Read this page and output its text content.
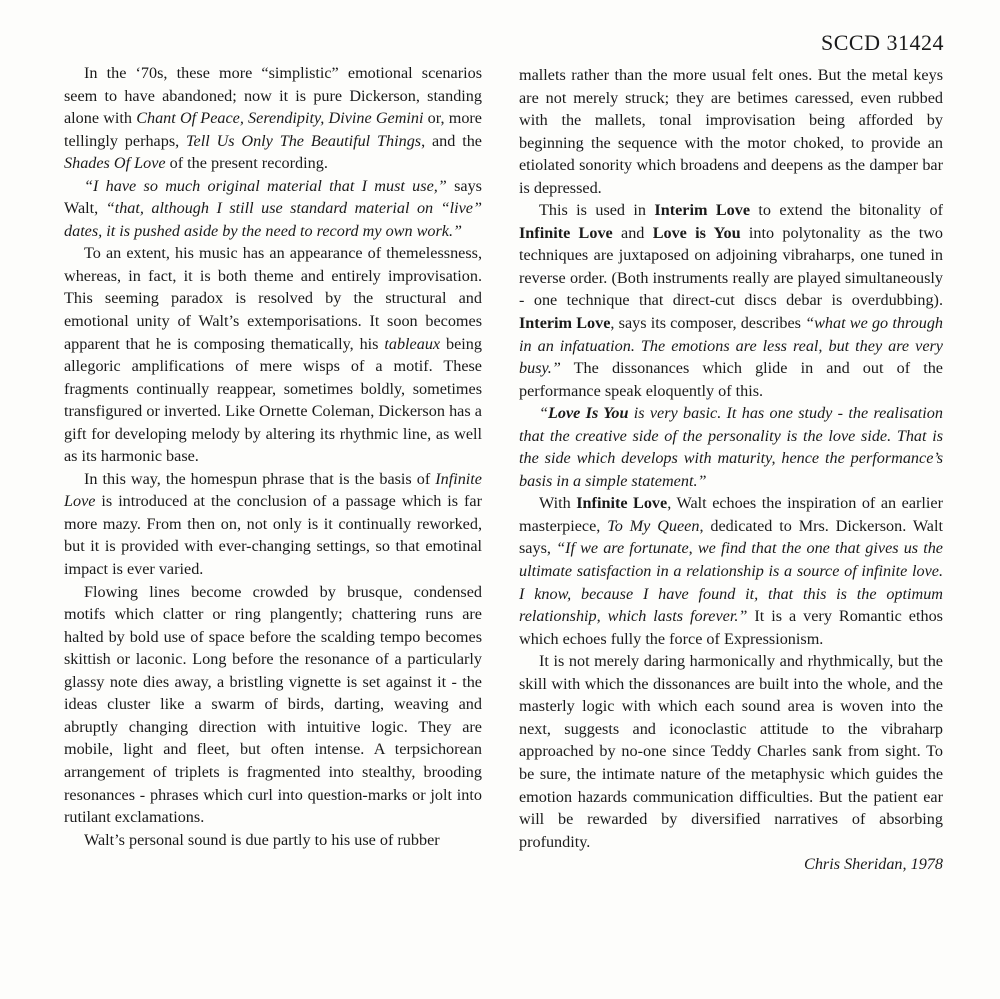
SCCD 31424

In the ‘70s, these more “simplistic” emotional scenarios seem to have abandoned; now it is pure Dickerson, standing alone with Chant Of Peace, Serendipity, Divine Gemini or, more tellingly perhaps, Tell Us Only The Beautiful Things, and the Shades Of Love of the present recording.

“I have so much original material that I must use,” says Walt, “that, although I still use standard material on “live” dates, it is pushed aside by the need to record my own work.”

To an extent, his music has an appearance of themelessness, whereas, in fact, it is both theme and entirely improvisation. This seeming paradox is resolved by the structural and emotional unity of Walt’s extemporisations. It soon becomes apparent that he is composing thematically, his tableaux being allegoric amplifications of mere wisps of a motif. These fragments continually reappear, sometimes boldly, sometimes transfigured or inverted. Like Ornette Coleman, Dickerson has a gift for developing melody by altering its rhythmic line, as well as its harmonic base.

In this way, the homespun phrase that is the basis of Infinite Love is introduced at the conclusion of a passage which is far more mazy. From then on, not only is it continually reworked, but it is provided with ever-changing settings, so that emotinal impact is ever varied.

Flowing lines become crowded by brusque, condensed motifs which clatter or ring plangently; chattering runs are halted by bold use of space before the scalding tempo becomes skittish or laconic. Long before the resonance of a particularly glassy note dies away, a bristling vignette is set against it - the ideas cluster like a swarm of birds, darting, weaving and abruptly changing direction with intuitive logic. They are mobile, light and fleet, but often intense. A terpsichorean arrangement of triplets is fragmented into stealthy, brooding resonances - phrases which curl into question-marks or jolt into rutilant exclamations.

Walt’s personal sound is due partly to his use of rubber

mallets rather than the more usual felt ones. But the metal keys are not merely struck; they are betimes caressed, even rubbed with the mallets, tonal improvisation being afforded by beginning the sequence with the motor choked, to provide an etiolated sonority which broadens and deepens as the damper bar is depressed.

This is used in Interim Love to extend the bitonality of Infinite Love and Love is You into polytonality as the two techniques are juxtaposed on adjoining vibraharps, one tuned in reverse order. (Both instruments really are played simultaneously - one technique that direct-cut discs debar is overdubbing). Interim Love, says its composer, describes “what we go through in an infatuation. The emotions are less real, but they are very busy.” The dissonances which glide in and out of the performance speak eloquently of this.

“Love Is You is very basic. It has one study - the realisation that the creative side of the personality is the love side. That is the side which develops with maturity, hence the performance’s basis in a simple statement.”

With Infinite Love, Walt echoes the inspiration of an earlier masterpiece, To My Queen, dedicated to Mrs. Dickerson. Walt says, “If we are fortunate, we find that the one that gives us the ultimate satisfaction in a relationship is a source of infinite love. I know, because I have found it, that this is the optimum relationship, which lasts forever.” It is a very Romantic ethos which echoes fully the force of Expressionism.

It is not merely daring harmonically and rhythmically, but the skill with which the dissonances are built into the whole, and the masterly logic with which each sound area is woven into the next, suggests and iconoclastic attitude to the vibraharp approached by no-one since Teddy Charles sank from sight. To be sure, the intimate nature of the metaphysic which guides the emotion hazards communication difficulties. But the patient ear will be rewarded by diversified narratives of absorbing profundity.

Chris Sheridan, 1978
